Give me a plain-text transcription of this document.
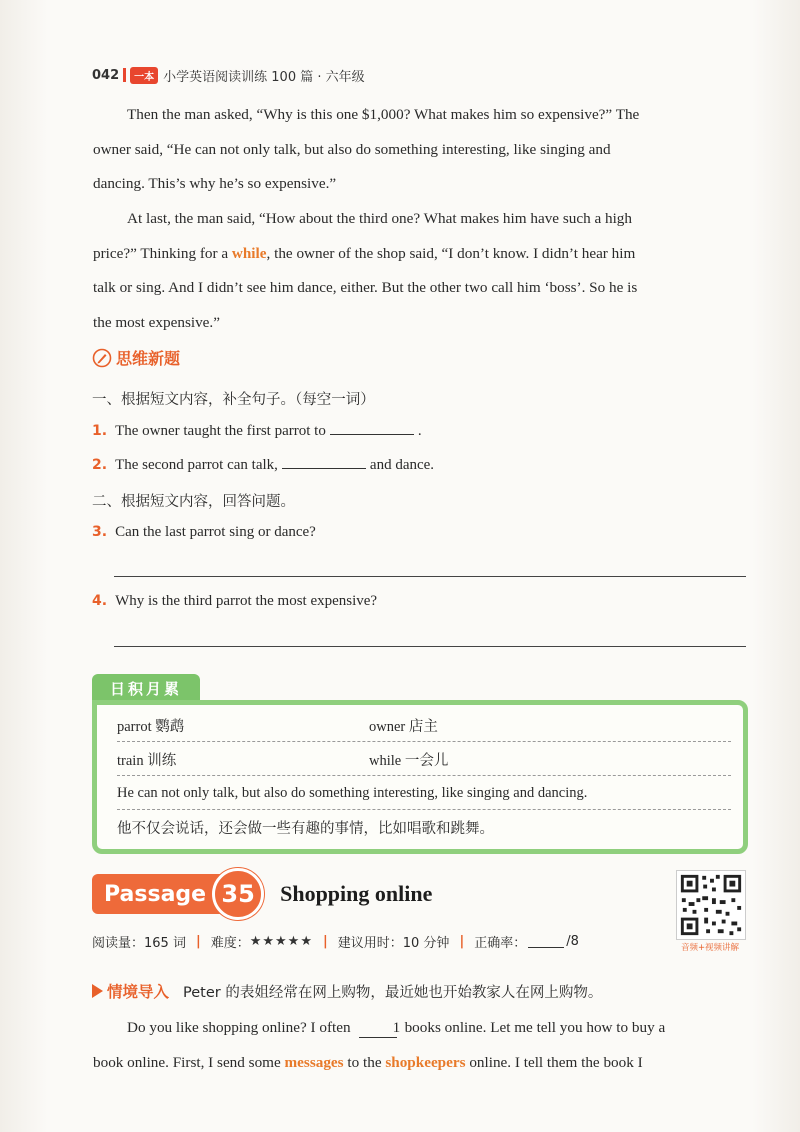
042	一本 小学英语阅读训练 100 篇 · 六年级
Then the man asked, “Why is this one $1,000? What makes him so expensive?” The
owner said, “He can not only talk, but also do something interesting, like singing and
dancing. This’s why he’s so expensive.”
At last, the man said, “How about the third one? What makes him have such a high
price?” Thinking for a while, the owner of the shop said, “I don’t know. I didn’t hear him
talk or sing. And I didn’t see him dance, either. But the other two call him ‘boss’. So he is
the most expensive.”
思维新题
一、根据短文内容，补全句子。（每空一词）
1. The owner taught the first parrot to	.
2. The second parrot can talk,	and dance.
二、根据短文内容，回答问题。
3. Can the last parrot sing or dance?
4. Why is the third parrot the most expensive?
日积月累
parrot 鹦鹉	owner 店主
train 训练	while 一会儿
He can not only talk, but also do something interesting, like singing and dancing.
他不仅会说话，还会做一些有趣的事情，比如唱歌和跳舞。
Passage 35	Shopping online
音频+视频讲解
阅读量：165 词 | 难度： ★★★★★ | 建议用时：10 分钟 | 正确率：	/8
情境导入 Peter 的表姐经常在网上购物，最近她也开始教家人在网上购物。
Do you like shopping online? I often	1 books online. Let me tell you how to buy a
book online. First, I send some messages to the shopkeepers online. I tell them the book I
